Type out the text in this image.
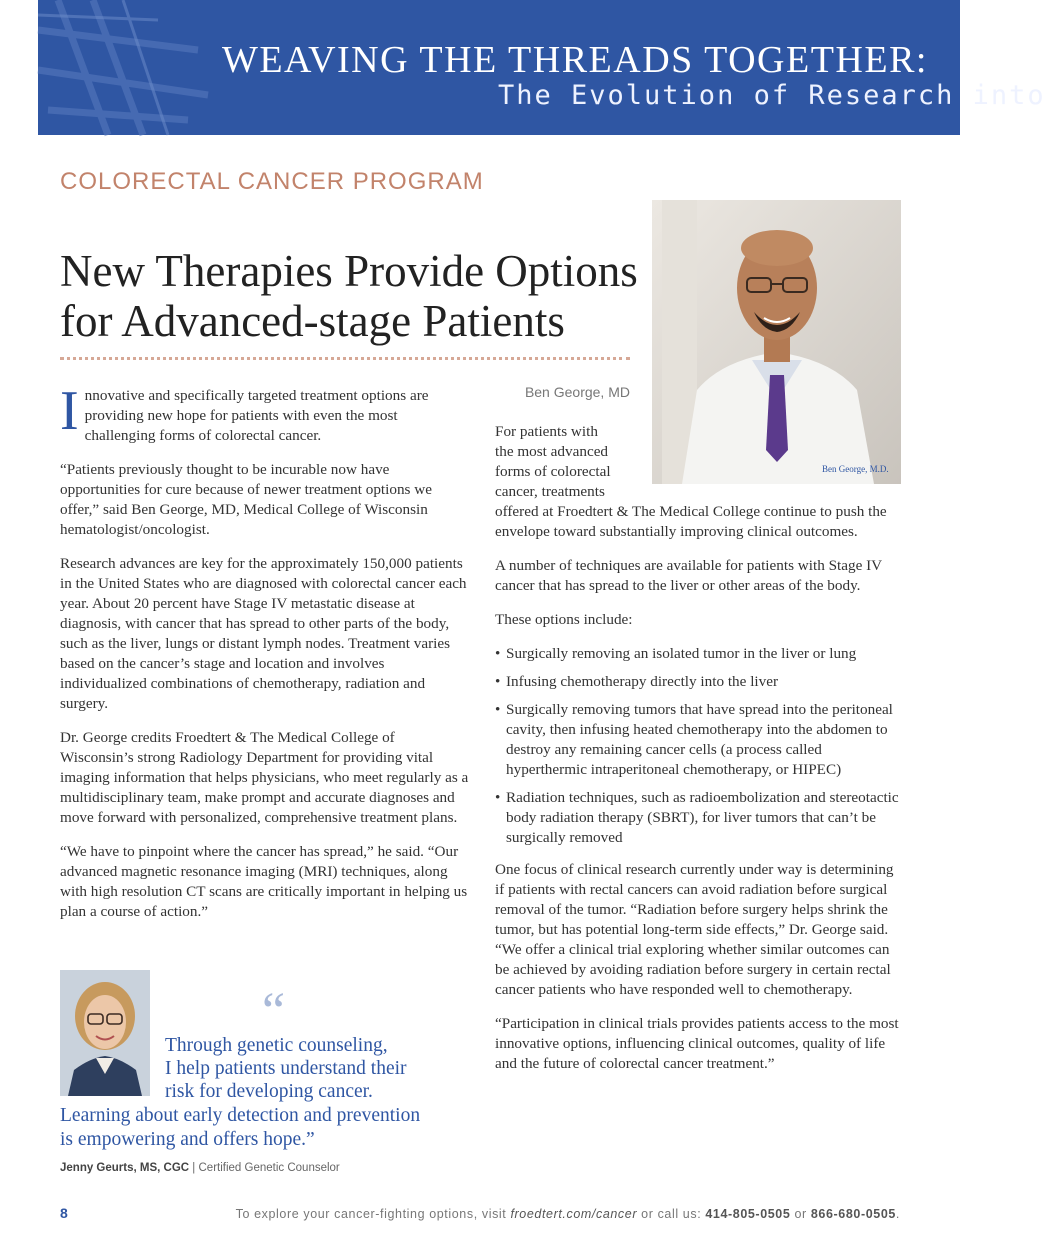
WEAVING THE THREADS TOGETHER:
The Evolution of Research into
COLORECTAL CANCER PROGRAM
New Therapies Provide Options
for Advanced-stage Patients
Ben George, M.D.
Ben George, MD

Innovative and specifically targeted treatment options are providing new hope for patients with even the most challenging forms of colorectal cancer.

“Patients previously thought to be incurable now have opportunities for cure because of newer treatment options we offer,” said Ben George, MD, Medical College of Wisconsin hematologist/oncologist.

Research advances are key for the approximately 150,000 patients in the United States who are diagnosed with colorectal cancer each year. About 20 percent have Stage IV metastatic disease at diagnosis, with cancer that has spread to other parts of the body, such as the liver, lungs or distant lymph nodes. Treatment varies based on the cancer’s stage and location and involves individualized combinations of chemotherapy, radiation and surgery.

Dr. George credits Froedtert & The Medical College of Wisconsin’s strong Radiology Department for providing vital imaging information that helps physicians, who meet regularly as a multidisciplinary team, make prompt and accurate diagnoses and move forward with personalized, comprehensive treatment plans.

“We have to pinpoint where the cancer has spread,” he said. “Our advanced magnetic resonance imaging (MRI) techniques, along with high resolution CT scans are critically important in helping us plan a course of action.”

For patients with
the most advanced
forms of colorectal
cancer, treatments
offered at Froedtert & The Medical College continue to push the envelope toward substantially improving clinical outcomes.

A number of techniques are available for patients with Stage IV cancer that has spread to the liver or other areas of the body.

These options include:

• Surgically removing an isolated tumor in the liver or lung
• Infusing chemotherapy directly into the liver
• Surgically removing tumors that have spread into the peritoneal cavity, then infusing heated chemotherapy into the abdomen to destroy any remaining cancer cells (a process called hyperthermic intraperitoneal chemotherapy, or HIPEC)
• Radiation techniques, such as radioembolization and stereotactic body radiation therapy (SBRT), for liver tumors that can’t be surgically removed

One focus of clinical research currently under way is determining if patients with rectal cancers can avoid radiation before surgical removal of the tumor. “Radiation before surgery helps shrink the tumor, but has potential long-term side effects,” Dr. George said. “We offer a clinical trial exploring whether similar outcomes can be achieved by avoiding radiation before surgery in certain rectal cancer patients who have responded well to chemotherapy.

“Participation in clinical trials provides patients access to the most innovative options, influencing clinical outcomes, quality of life and the future of colorectal cancer treatment.”

“
Through genetic counseling,
I help patients understand their
risk for developing cancer.
Learning about early detection and prevention
is empowering and offers hope.”
Jenny Geurts, MS, CGC | Certified Genetic Counselor
8	To explore your cancer-fighting options, visit froedtert.com/cancer or call us: 414-805-0505 or 866-680-0505.
